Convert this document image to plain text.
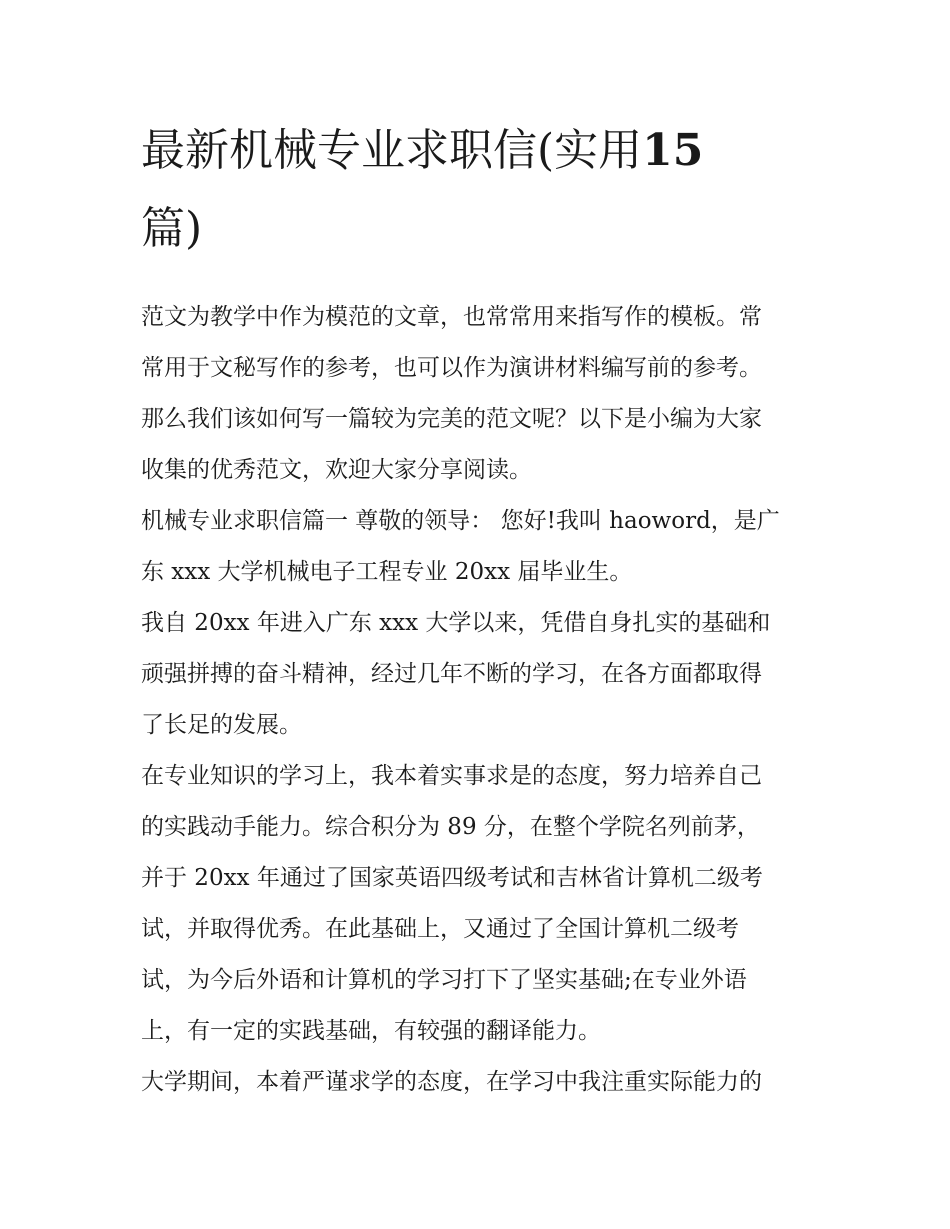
最新机械专业求职信(实用15
篇)

范文为教学中作为模范的文章，也常常用来指写作的模板。常
常用于文秘写作的参考，也可以作为演讲材料编写前的参考。
那么我们该如何写一篇较为完美的范文呢？以下是小编为大家
收集的优秀范文，欢迎大家分享阅读。

机械专业求职信篇一 尊敬的领导： 您好!我叫 haoword，是广
东 xxx 大学机械电子工程专业 20xx 届毕业生。

我自 20xx 年进入广东 xxx 大学以来，凭借自身扎实的基础和
顽强拼搏的奋斗精神，经过几年不断的学习，在各方面都取得
了长足的发展。

在专业知识的学习上，我本着实事求是的态度，努力培养自己
的实践动手能力。综合积分为 89 分，在整个学院名列前茅，
并于 20xx 年通过了国家英语四级考试和吉林省计算机二级考
试，并取得优秀。在此基础上，又通过了全国计算机二级考
试，为今后外语和计算机的学习打下了坚实基础;在专业外语
上，有一定的实践基础，有较强的翻译能力。

大学期间，本着严谨求学的态度，在学习中我注重实际能力的
